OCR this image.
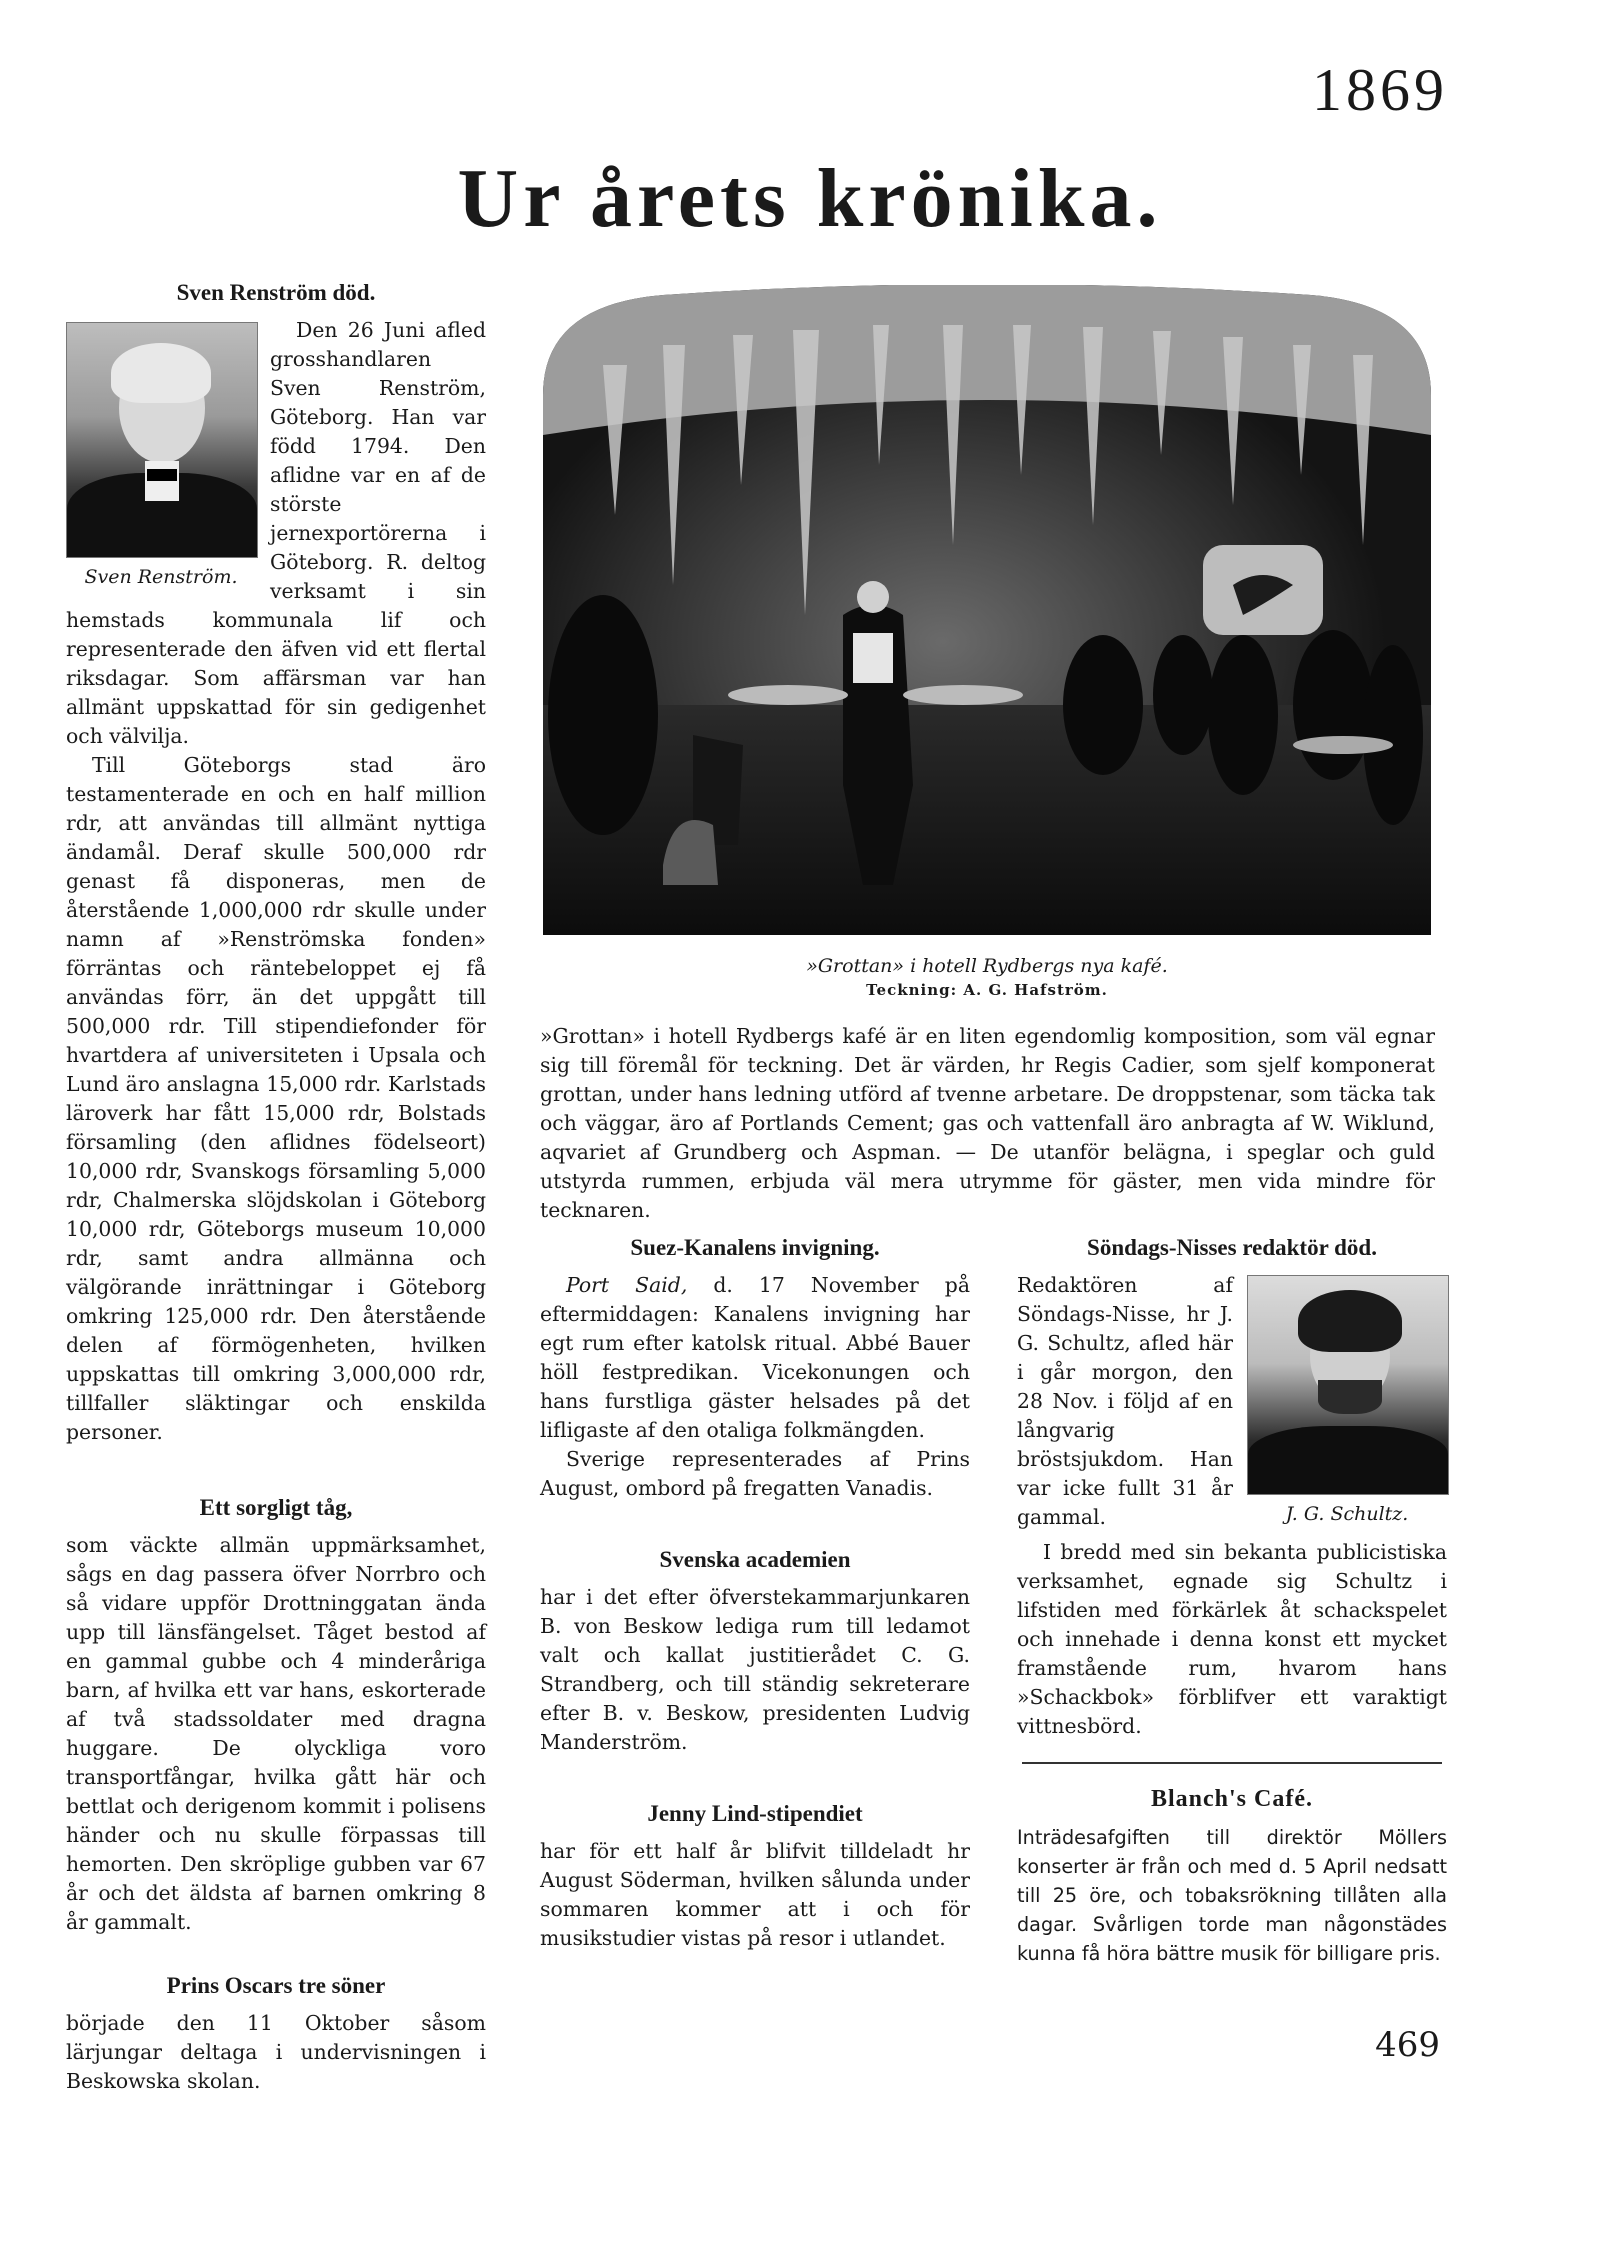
1869
Ur årets krönika.
Sven Renström död.
Sven Renström.

Den 26 Juni afled grosshandlaren Sven Renström, Göteborg. Han var född 1794. Den aflidne var en af de störste jernexportörerna i Göteborg. R. deltog verksamt i sin hemstads kommunala lif och representerade den äfven vid ett flertal riksdagar. Som affärsman var han allmänt uppskattad för sin gedigenhet och välvilja.

Till Göteborgs stad äro testamenterade en och en half million rdr, att användas till allmänt nyttiga ändamål. Deraf skulle 500,000 rdr genast få disponeras, men de återstående 1,000,000 rdr skulle under namn af »Renströmska fonden» förräntas och räntebeloppet ej få användas förr, än det uppgått till 500,000 rdr. Till stipendiefonder för hvartdera af universiteten i Upsala och Lund äro anslagna 15,000 rdr. Karlstads läroverk har fått 15,000 rdr, Bolstads församling (den aflidnes födelseort) 10,000 rdr, Svanskogs församling 5,000 rdr, Chalmerska slöjdskolan i Göteborg 10,000 rdr, Göteborgs museum 10,000 rdr, samt andra allmänna och välgörande inrättningar i Göteborg omkring 125,000 rdr. Den återstående delen af förmögenheten, hvilken uppskattas till omkring 3,000,000 rdr, tillfaller släktingar och enskilda personer.

Ett sorgligt tåg,

som väckte allmän uppmärksamhet, sågs en dag passera öfver Norrbro och så vidare uppför Drottninggatan ända upp till länsfängelset. Tåget bestod af en gammal gubbe och 4 minderåriga barn, af hvilka ett var hans, eskorterade af två stadssoldater med dragna huggare. De olyckliga voro transportfångar, hvilka gått här och bettlat och derigenom kommit i polisens händer och nu skulle förpassas till hemorten. Den skröplige gubben var 67 år och det äldsta af barnen omkring 8 år gammalt.

Prins Oscars tre söner

började den 11 Oktober såsom lärjungar deltaga i undervisningen i Beskowska skolan.

»Grottan» i hotell Rydbergs nya kafé.
Teckning: A. G. Hafström.

»Grottan» i hotell Rydbergs kafé är en liten egendomlig komposition, som väl egnar sig till föremål för teckning. Det är värden, hr Regis Cadier, som sjelf komponerat grottan, under hans ledning utförd af tvenne arbetare. De droppstenar, som täcka tak och väggar, äro af Portlands Cement; gas och vattenfall äro anbragta af W. Wiklund, aqvariet af Grundberg och Aspman. — De utanför belägna, i speglar och guld utstyrda rummen, erbjuda väl mera utrymme för gäster, men vida mindre för tecknaren.

Suez-Kanalens invigning.

Port Said, d. 17 November på eftermiddagen: Kanalens invigning har egt rum efter katolsk ritual. Abbé Bauer höll festpredikan. Vicekonungen och hans furstliga gäster helsades på det lifligaste af den otaliga folkmängden.

Sverige representerades af Prins August, ombord på fregatten Vanadis.

Svenska academien

har i det efter öfverstekammarjunkaren B. von Beskow lediga rum till ledamot valt och kallat justitierådet C. G. Strandberg, och till ständig sekreterare efter B. v. Beskow, presidenten Ludvig Manderström.

Jenny Lind-stipendiet

har för ett half år blifvit tilldeladt hr August Söderman, hvilken sålunda under sommaren kommer att i och för musikstudier vistas på resor i utlandet.

Söndags-Nisses redaktör död.
J. G. Schultz.

Redaktören af Söndags-Nisse, hr J. G. Schultz, afled här i går morgon, den 28 Nov. i följd af en långvarig bröstsjukdom. Han var icke fullt 31 år gammal.

I bredd med sin bekanta publicistiska verksamhet, egnade sig Schultz i lifstiden med förkärlek åt schackspelet och innehade i denna konst ett mycket framstående rum, hvarom hans »Schackbok» förblifver ett varaktigt vittnesbörd.

Blanch's Café.

Inträdesafgiften till direktör Möllers konserter är från och med d. 5 April nedsatt till 25 öre, och tobaksrökning tillåten alla dagar. Svårligen torde man någonstädes kunna få höra bättre musik för billigare pris.

469
